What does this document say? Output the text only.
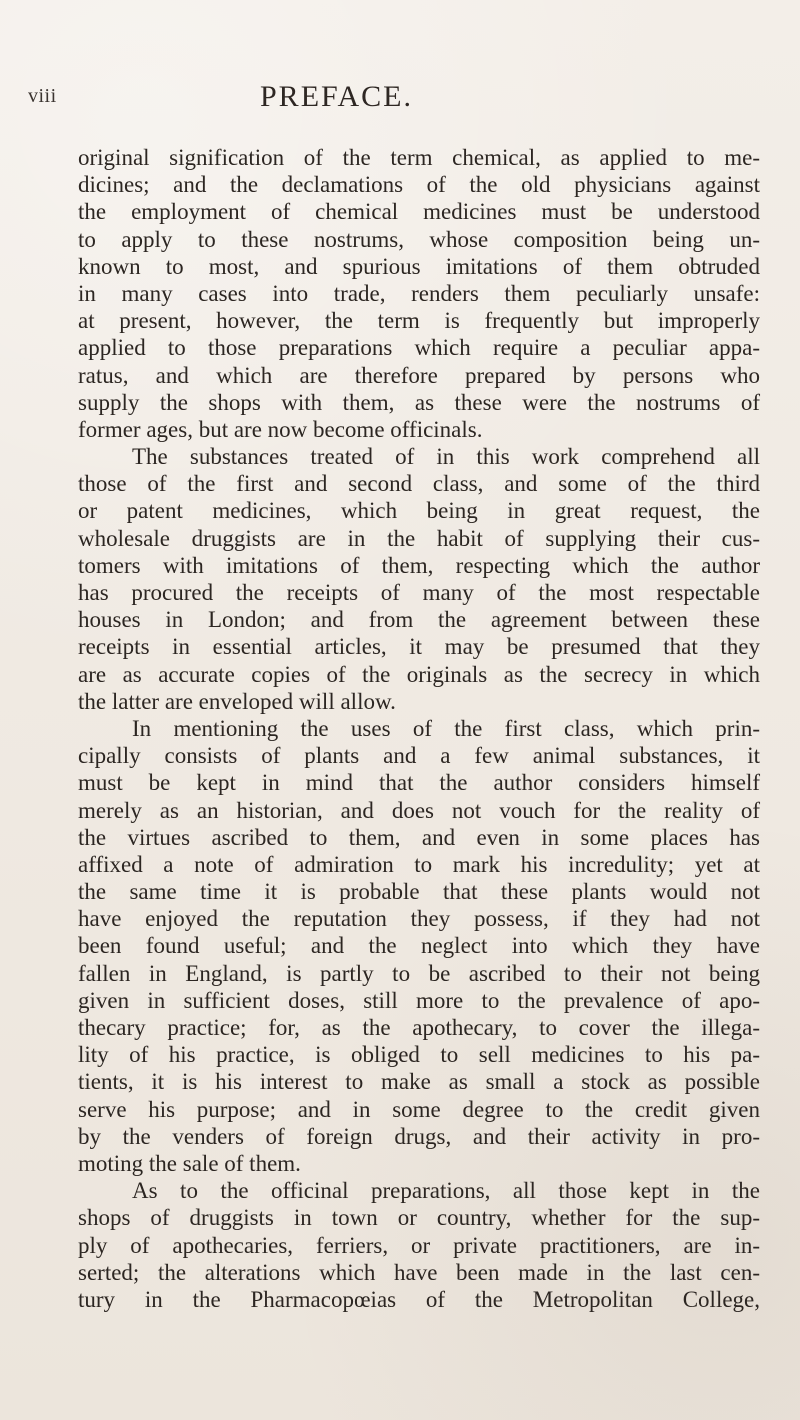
viii	PREFACE.
original signification of the term chemical, as applied to me-
dicines; and the declamations of the old physicians against
the employment of chemical medicines must be understood
to apply to these nostrums, whose composition being un-
known to most, and spurious imitations of them obtruded
in many cases into trade, renders them peculiarly unsafe:
at present, however, the term is frequently but improperly
applied to those preparations which require a peculiar appa-
ratus, and which are therefore prepared by persons who
supply the shops with them, as these were the nostrums of
former ages, but are now become officinals.
The substances treated of in this work comprehend all
those of the first and second class, and some of the third
or patent medicines, which being in great request, the
wholesale druggists are in the habit of supplying their cus-
tomers with imitations of them, respecting which the author
has procured the receipts of many of the most respectable
houses in London; and from the agreement between these
receipts in essential articles, it may be presumed that they
are as accurate copies of the originals as the secrecy in which
the latter are enveloped will allow.
In mentioning the uses of the first class, which prin-
cipally consists of plants and a few animal substances, it
must be kept in mind that the author considers himself
merely as an historian, and does not vouch for the reality of
the virtues ascribed to them, and even in some places has
affixed a note of admiration to mark his incredulity; yet at
the same time it is probable that these plants would not
have enjoyed the reputation they possess, if they had not
been found useful; and the neglect into which they have
fallen in England, is partly to be ascribed to their not being
given in sufficient doses, still more to the prevalence of apo-
thecary practice; for, as the apothecary, to cover the illega-
lity of his practice, is obliged to sell medicines to his pa-
tients, it is his interest to make as small a stock as possible
serve his purpose; and in some degree to the credit given
by the venders of foreign drugs, and their activity in pro-
moting the sale of them.
As to the officinal preparations, all those kept in the
shops of druggists in town or country, whether for the sup-
ply of apothecaries, ferriers, or private practitioners, are in-
serted; the alterations which have been made in the last cen-
tury in the Pharmacopœias of the Metropolitan College,
